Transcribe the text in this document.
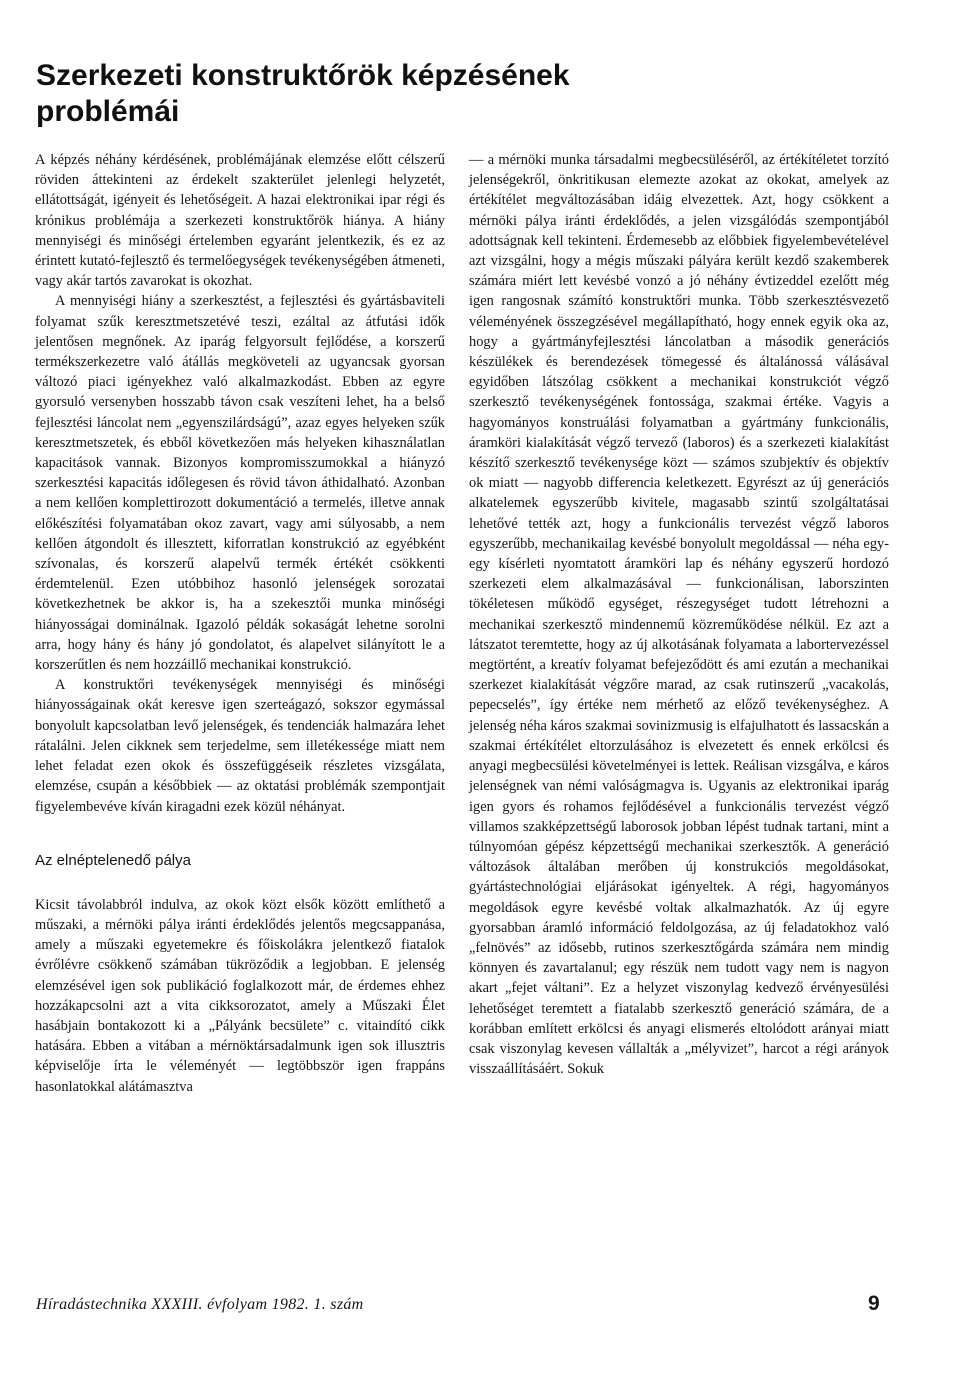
Szerkezeti konstruktőrök képzésének problémái

A képzés néhány kérdésének, problémájának elemzése előtt célszerű röviden áttekinteni az érdekelt szakterület jelenlegi helyzetét, ellátottságát, igényeit és lehetőségeit. A hazai elektronikai ipar régi és krónikus problémája a szerkezeti konstruktőrök hiánya. A hiány mennyiségi és minőségi értelemben egyaránt jelentkezik, és ez az érintett kutató-fejlesztő és termelőegységek tevékenységében átmeneti, vagy akár tartós zavarokat is okozhat.

A mennyiségi hiány a szerkesztést, a fejlesztési és gyártásbaviteli folyamat szűk keresztmetszetévé teszi, ezáltal az átfutási idők jelentősen megnőnek. Az iparág felgyorsult fejlődése, a korszerű termékszerkezetre való átállás megköveteli az ugyancsak gyorsan változó piaci igényekhez való alkalmazkodást. Ebben az egyre gyorsuló versenyben hosszabb távon csak veszíteni lehet, ha a belső fejlesztési láncolat nem „egyenszilárdságú”, azaz egyes helyeken szűk keresztmetszetek, és ebből következően más helyeken kihasználatlan kapacitások vannak. Bizonyos kompromisszumokkal a hiányzó szerkesztési kapacitás időlegesen és rövid távon áthidalható. Azonban a nem kellően komplettirozott dokumentáció a termelés, illetve annak előkészítési folyamatában okoz zavart, vagy ami súlyosabb, a nem kellően átgondolt és illesztett, kiforratlan konstrukció az egyébként szívonalas, és korszerű alapelvű termék értékét csökkenti érdemtelenül. Ezen utóbbihoz hasonló jelenségek sorozatai következhetnek be akkor is, ha a szekesztői munka minőségi hiányosságai dominálnak. Igazoló példák sokaságát lehetne sorolni arra, hogy hány és hány jó gondolatot, és alapelvet silányított le a korszerűtlen és nem hozzáillő mechanikai konstrukció.

A konstruktőri tevékenységek mennyiségi és minőségi hiányosságainak okát keresve igen szerteágazó, sokszor egymással bonyolult kapcsolatban levő jelenségek, és tendenciák halmazára lehet rátalálni. Jelen cikknek sem terjedelme, sem illetékessége miatt nem lehet feladat ezen okok és összefüggéseik részletes vizsgálata, elemzése, csupán a későbbiek — az oktatási problémák szempontjait figyelembevéve kíván kiragadni ezek közül néhányat.

Az elnéptelenedő pálya

Kicsit távolabbról indulva, az okok közt elsők között említhető a műszaki, a mérnöki pálya iránti érdeklődés jelentős megcsappanása, amely a műszaki egyetemekre és főiskolákra jelentkező fiatalok évrőlévre csökkenő számában tükröződik a legjobban. E jelenség elemzésével igen sok publikáció foglalkozott már, de érdemes ehhez hozzákapcsolni azt a vita cikksorozatot, amely a Műszaki Élet hasábjain bontakozott ki a „Pályánk becsülete” c. vitaindító cikk hatására. Ebben a vitában a mérnöktársadalmunk igen sok illusztris képviselője írta le véleményét — legtöbbször igen frappáns hasonlatokkal alátámasztva

— a mérnöki munka társadalmi megbecsüléséről, az értékítéletet torzító jelenségekről, önkritikusan elemezte azokat az okokat, amelyek az értékítélet megváltozásában idáig elvezettek. Azt, hogy csökkent a mérnöki pálya iránti érdeklődés, a jelen vizsgálódás szempontjából adottságnak kell tekinteni. Érdemesebb az előbbiek figyelembevételével azt vizsgálni, hogy a mégis műszaki pályára került kezdő szakemberek számára miért lett kevésbé vonzó a jó néhány évtizeddel ezelőtt még igen rangosnak számító konstruktőri munka. Több szerkesztésvezető véleményének összegzésével megállapítható, hogy ennek egyik oka az, hogy a gyártmányfejlesztési láncolatban a második generációs készülékek és berendezések tömegessé és általánossá válásával egyidőben látszólag csökkent a mechanikai konstrukciót végző szerkesztő tevékenységének fontossága, szakmai értéke. Vagyis a hagyományos konstruálási folyamatban a gyártmány funkcionális, áramköri kialakítását végző tervező (laboros) és a szerkezeti kialakítást készítő szerkesztő tevékenysége közt — számos szubjektív és objektív ok miatt — nagyobb differencia keletkezett. Egyrészt az új generációs alkatelemek egyszerűbb kivitele, magasabb szintű szolgáltatásai lehetővé tették azt, hogy a funkcionális tervezést végző laboros egyszerűbb, mechanikailag kevésbé bonyolult megoldással — néha egy-egy kísérleti nyomtatott áramköri lap és néhány egyszerű hordozó szerkezeti elem alkalmazásával — funkcionálisan, laborszinten tökéletesen működő egységet, részegységet tudott létrehozni a mechanikai szerkesztő mindennemű közreműködése nélkül. Ez azt a látszatot teremtette, hogy az új alkotásának folyamata a labortervezéssel megtörtént, a kreatív folyamat befejeződött és ami ezután a mechanikai szerkezet kialakítását végzőre marad, az csak rutinszerű „vacakolás, pepecselés”, így értéke nem mérhető az előző tevékenységhez. A jelenség néha káros szakmai sovinizmusig is elfajulhatott és lassacskán a szakmai értékítélet eltorzulásához is elvezetett és ennek erkölcsi és anyagi megbecsülési követelményei is lettek. Reálisan vizsgálva, e káros jelenségnek van némi valóságmagva is. Ugyanis az elektronikai iparág igen gyors és rohamos fejlődésével a funkcionális tervezést végző villamos szakképzettségű laborosok jobban lépést tudnak tartani, mint a túlnyomóan gépész képzettségű mechanikai szerkesztők. A generáció változások általában merőben új konstrukciós megoldásokat, gyártástechnológiai eljárásokat igényeltek. A régi, hagyományos megoldások egyre kevésbé voltak alkalmazhatók. Az új egyre gyorsabban áramló információ feldolgozása, az új feladatokhoz való „felnövés” az idősebb, rutinos szerkesztőgárda számára nem mindig könnyen és zavartalanul; egy részük nem tudott vagy nem is nagyon akart „fejet váltani”. Ez a helyzet viszonylag kedvező érvényesülési lehetőséget teremtett a fiatalabb szerkesztő generáció számára, de a korábban említett erkölcsi és anyagi elismerés eltolódott arányai miatt csak viszonylag kevesen vállalták a „mélyvizet”, harcot a régi arányok visszaállításáért. Sokuk

Híradástechnika XXXIII. évfolyam 1982. 1. szám	9
